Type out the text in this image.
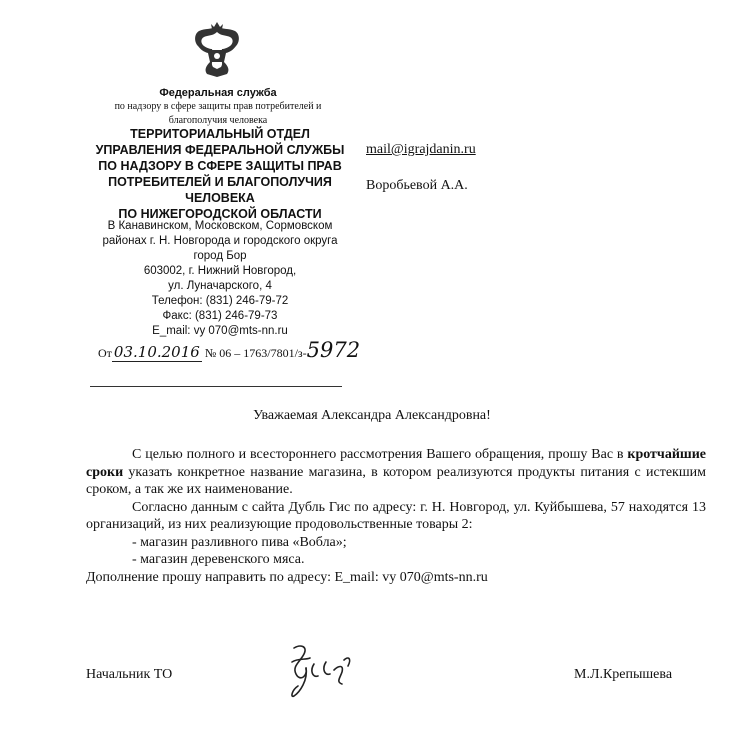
Федеральная служба
по надзору в сфере защиты прав потребителей и
благополучия человека
ТЕРРИТОРИАЛЬНЫЙ ОТДЕЛ
УПРАВЛЕНИЯ ФЕДЕРАЛЬНОЙ СЛУЖБЫ
ПО НАДЗОРУ В СФЕРЕ ЗАЩИТЫ ПРАВ
ПОТРЕБИТЕЛЕЙ И БЛАГОПОЛУЧИЯ
ЧЕЛОВЕКА
ПО НИЖЕГОРОДСКОЙ ОБЛАСТИ
В Канавинском, Московском, Сормовском
районах г. Н. Новгорода и городского округа
город Бор
603002, г. Нижний Новгород,
ул. Луначарского, 4
Телефон: (831) 246-79-72
Факс: (831) 246-79-73
E_mail: vy 070@mts-nn.ru
mail@igrajdanin.ru
Воробьевой А.А.
От 03.10.2016 № 06 – 1763/7801/з-5972
Уважаемая Александра Александровна!

С целью полного и всестороннего рассмотрения Вашего обращения, прошу Вас в кротчайшие сроки указать конкретное название магазина, в котором реализуются продукты питания с истекшим сроком, а так же их наименование.

Согласно данным с сайта Дубль Гис по адресу: г. Н. Новгород, ул. Куйбышева, 57 находятся 13 организаций, из них реализующие продовольственные товары 2:

- магазин разливного пива «Вобла»;

- магазин деревенского мяса.

Дополнение прошу направить по адресу: E_mail: vy 070@mts-nn.ru

Начальник ТО	М.Л.Крепышева
